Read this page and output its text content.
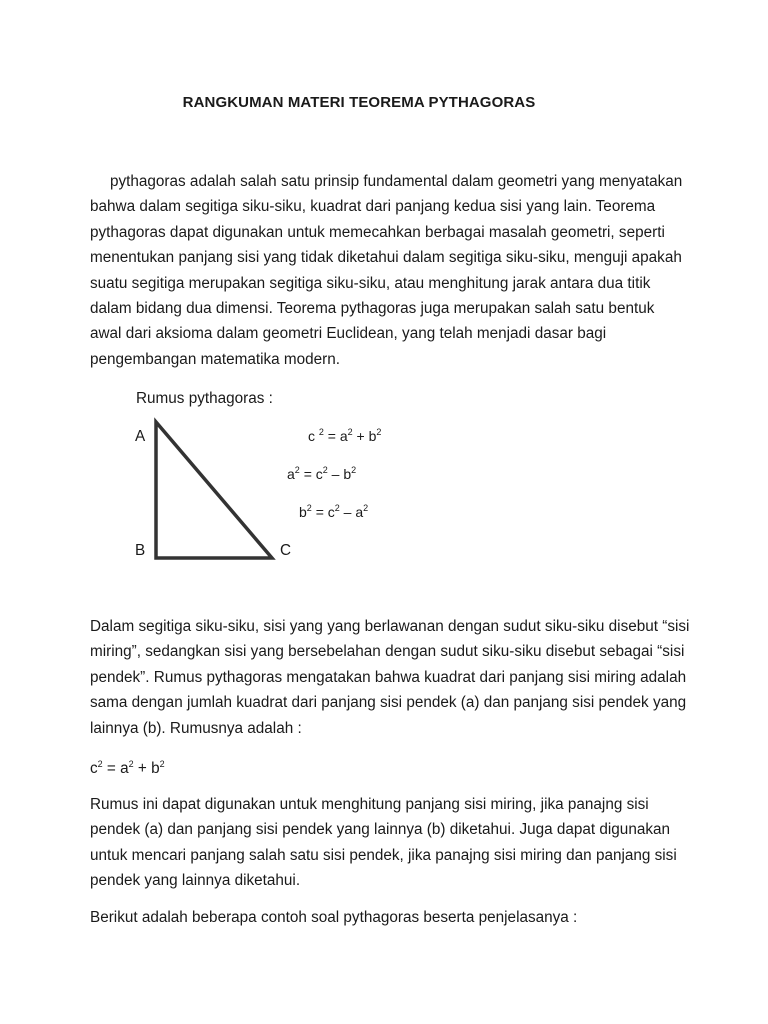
RANGKUMAN MATERI TEOREMA PYTHAGORAS

pythagoras adalah salah satu prinsip fundamental dalam geometri yang menyatakan bahwa dalam segitiga siku-siku, kuadrat dari panjang kedua sisi yang lain. Teorema pythagoras dapat digunakan untuk memecahkan berbagai masalah geometri, seperti menentukan panjang sisi yang tidak diketahui dalam segitiga siku-siku, menguji apakah suatu segitiga merupakan segitiga siku-siku, atau menghitung jarak antara dua titik dalam bidang dua dimensi. Teorema pythagoras juga merupakan salah satu bentuk awal dari aksioma dalam geometri Euclidean, yang telah menjadi dasar bagi pengembangan matematika modern.

Rumus pythagoras :
A
B	C
c $^2 = a^2 + b^2$
$a^2 = c^2 - b^2$
$b^2 = c^2 - a^2$

Dalam segitiga siku-siku, sisi yang yang berlawanan dengan sudut siku-siku disebut “sisi miring”, sedangkan sisi yang bersebelahan dengan sudut siku-siku disebut sebagai “sisi pendek”. Rumus pythagoras mengatakan bahwa kuadrat dari panjang sisi miring adalah sama dengan jumlah kuadrat dari panjang sisi pendek (a) dan panjang sisi pendek yang lainnya (b). Rumusnya adalah :

$c^2 = a^2 + b^2$

Rumus ini dapat digunakan untuk menghitung panjang sisi miring, jika panajng sisi pendek (a) dan panjang sisi pendek yang lainnya (b) diketahui. Juga dapat digunakan untuk mencari panjang salah satu sisi pendek, jika panajng sisi miring dan panjang sisi pendek yang lainnya diketahui.

Berikut adalah beberapa contoh soal pythagoras beserta penjelasanya :
